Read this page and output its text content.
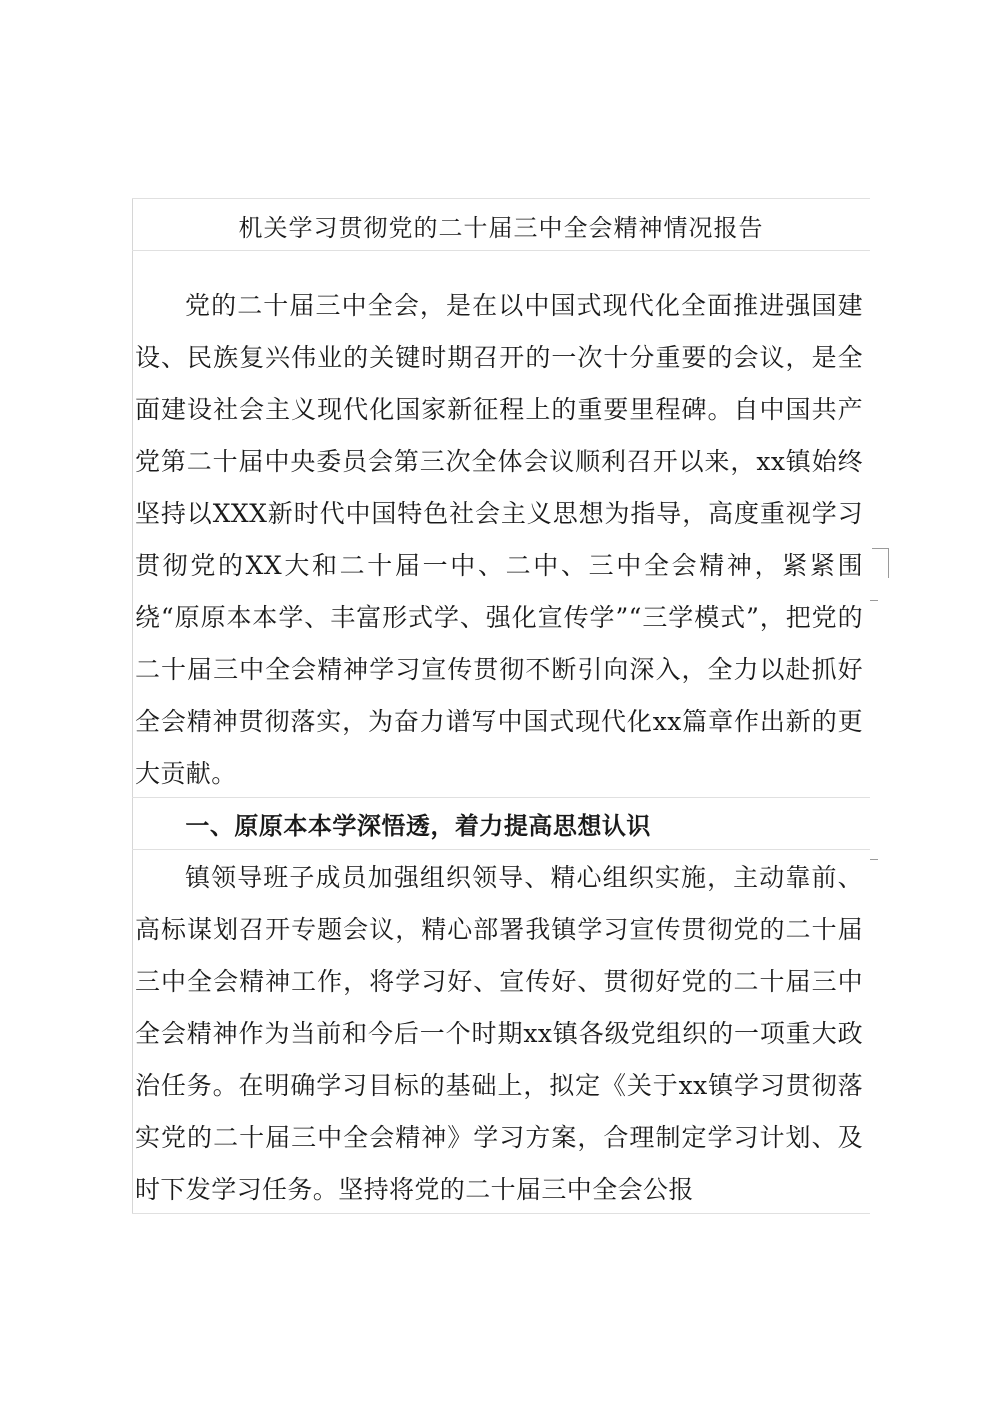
机关学习贯彻党的二十届三中全会精神情况报告

党的二十届三中全会，是在以中国式现代化全面推进强国建设、民族复兴伟业的关键时期召开的一次十分重要的会议，是全面建设社会主义现代化国家新征程上的重要里程碑。自中国共产党第二十届中央委员会第三次全体会议顺利召开以来，xx镇始终坚持以XXX新时代中国特色社会主义思想为指导，高度重视学习贯彻党的XX大和二十届一中、二中、三中全会精神，紧紧围绕“原原本本学、丰富形式学、强化宣传学”“三学模式”，把党的二十届三中全会精神学习宣传贯彻不断引向深入，全力以赴抓好全会精神贯彻落实，为奋力谱写中国式现代化xx篇章作出新的更大贡献。

一、原原本本学深悟透，着力提高思想认识

镇领导班子成员加强组织领导、精心组织实施，主动靠前、高标谋划召开专题会议，精心部署我镇学习宣传贯彻党的二十届三中全会精神工作，将学习好、宣传好、贯彻好党的二十届三中全会精神作为当前和今后一个时期xx镇各级党组织的一项重大政治任务。在明确学习目标的基础上，拟定《关于xx镇学习贯彻落实党的二十届三中全会精神》学习方案，合理制定学习计划、及时下发学习任务。坚持将党的二十届三中全会公报
